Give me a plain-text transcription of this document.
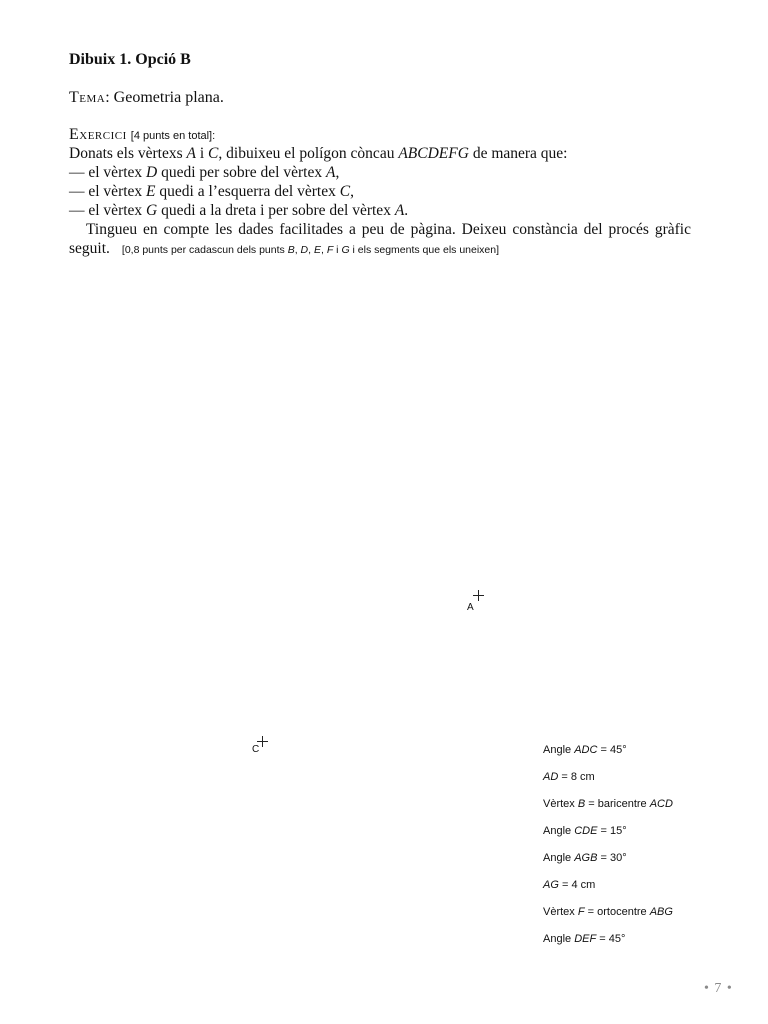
Dibuix 1. Opció B
Tema: Geometria plana.
Exercici [4 punts en total]:

Donats els vèrtexs A i C, dibuixeu el polígon còncau ABCDEFG de manera que:

— el vèrtex D quedi per sobre del vèrtex A,

— el vèrtex E quedi a l’esquerra del vèrtex C,

— el vèrtex G quedi a la dreta i per sobre del vèrtex A.

Tingueu en compte les dades facilitades a peu de pàgina. Deixeu constància del procés gràfic seguit. [0,8 punts per cadascun dels punts B, D, E, F i G i els segments que els uneixen]

A
C	Angle ADC = 45°
AD = 8 cm
Vèrtex B = baricentre ACD
Angle CDE = 15°
Angle AGB = 30°
AG = 4 cm
Vèrtex F = ortocentre ABG
Angle DEF = 45°
• 7 •
